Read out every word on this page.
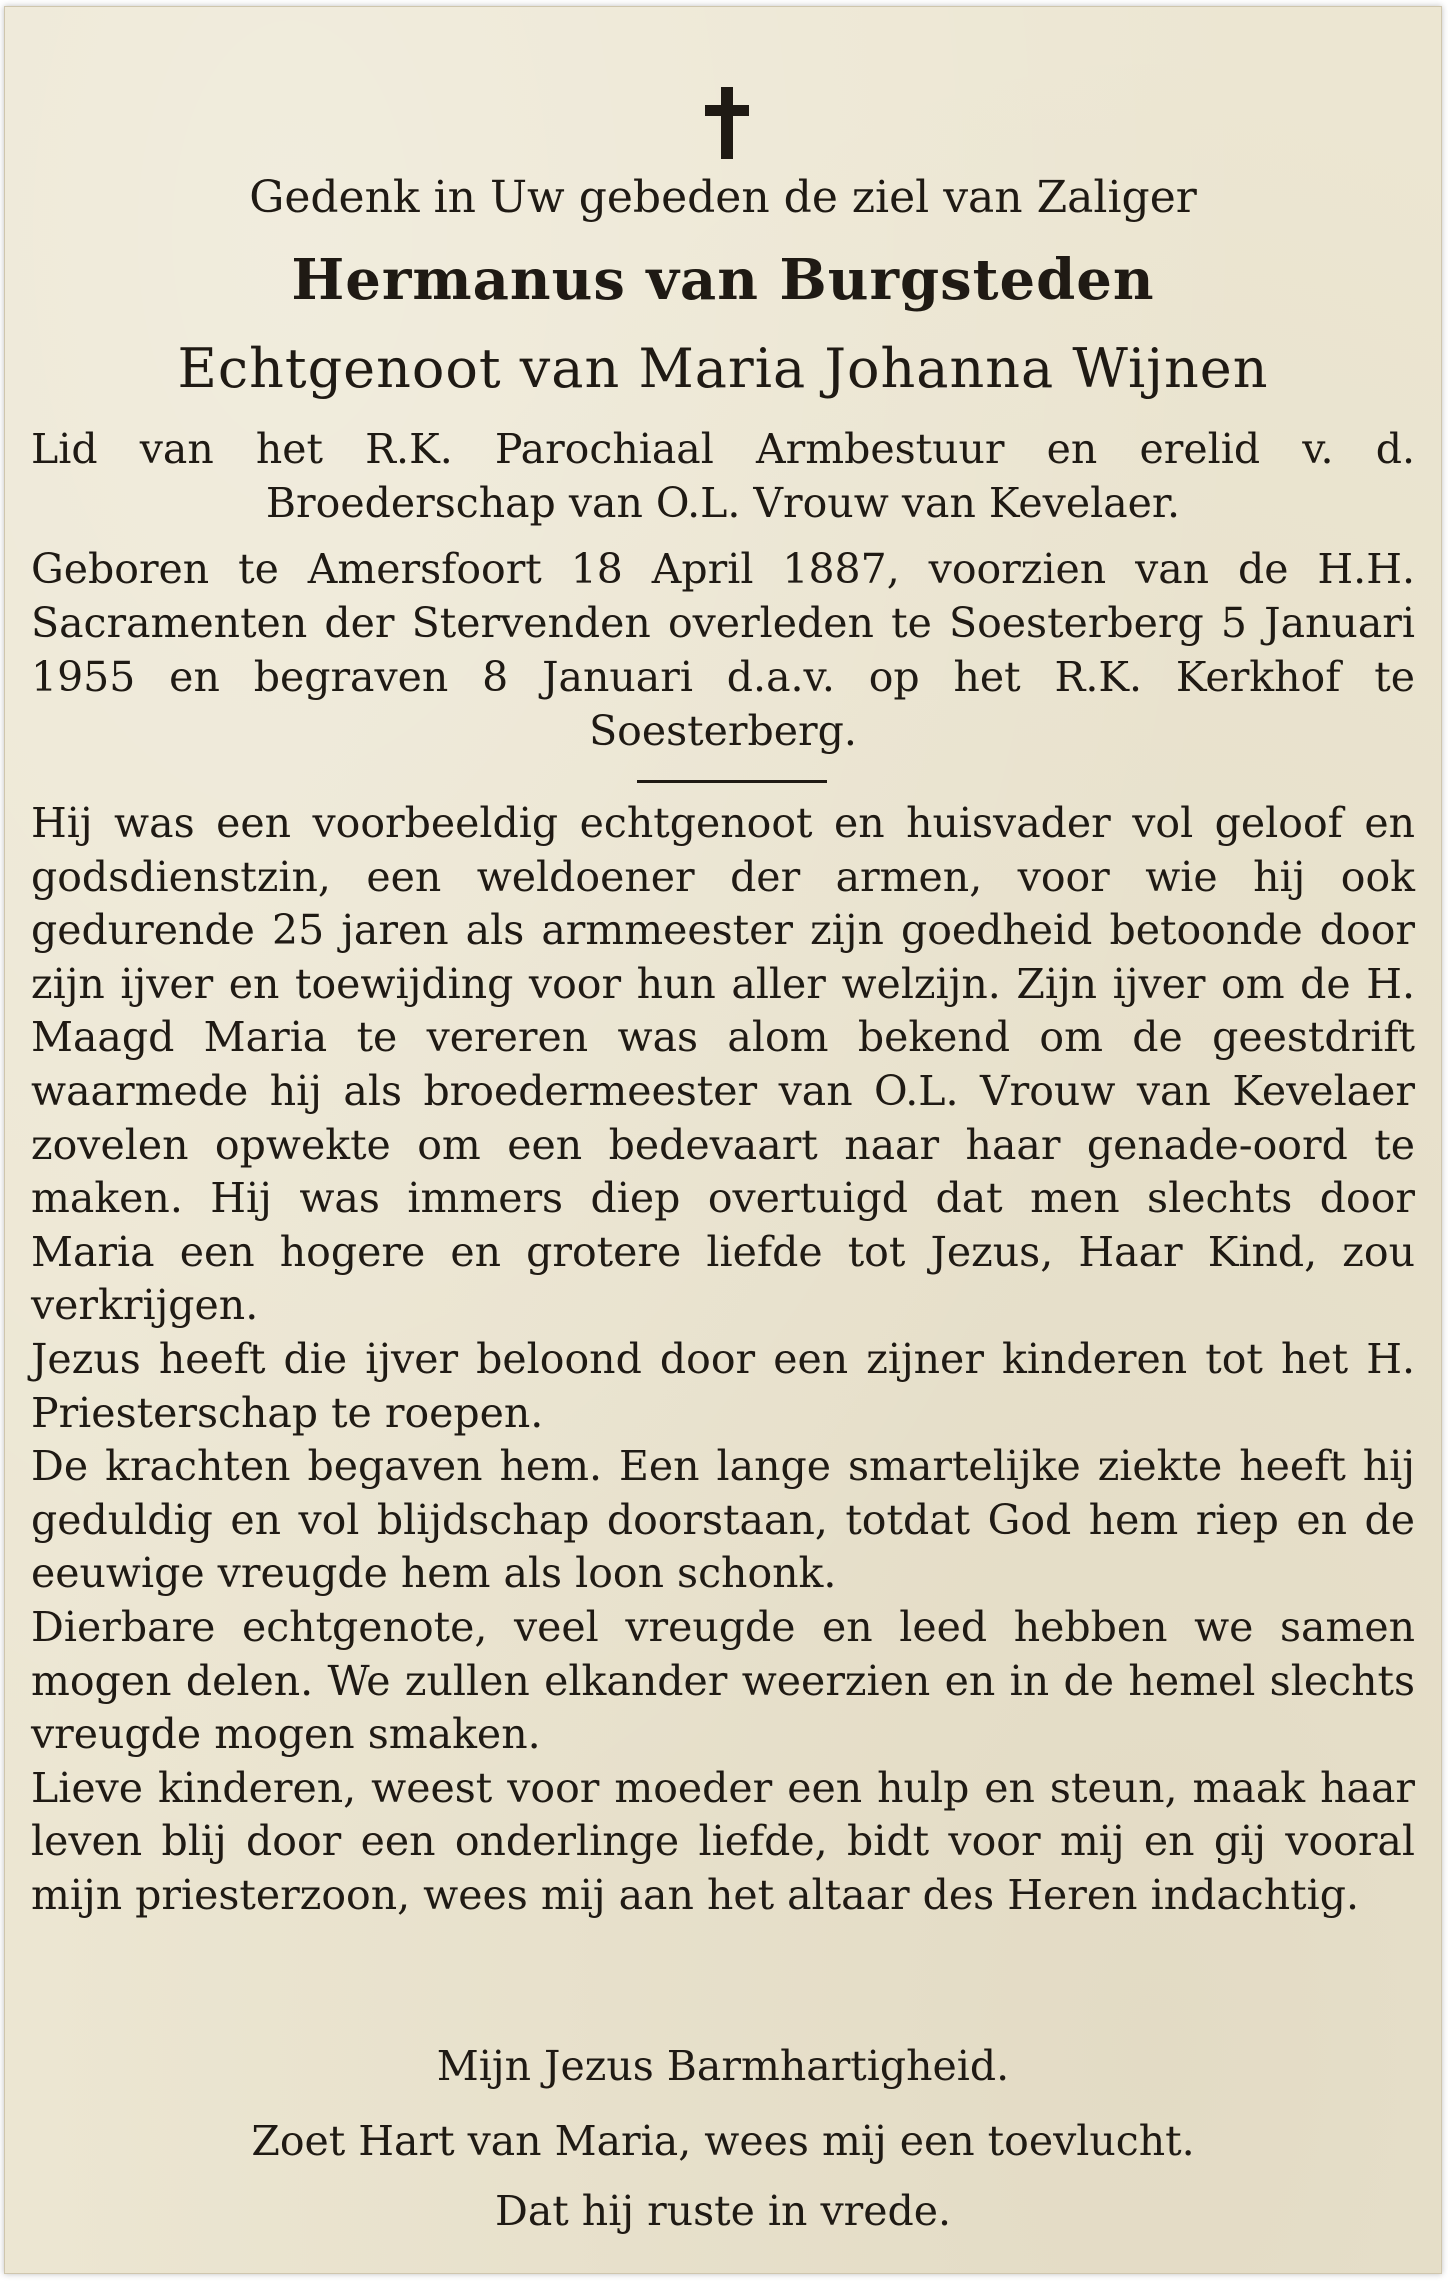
Gedenk in Uw gebeden de ziel van Zaliger
Hermanus van Burgsteden
Echtgenoot van Maria Johanna Wijnen

Lid van het R.K. Parochiaal Armbestuur en erelid v. d. Broederschap van O.L. Vrouw van Kevelaer.

Geboren te Amersfoort 18 April 1887, voorzien van de H.H. Sacramenten der Stervenden overleden te Soesterberg 5 Januari 1955 en begraven 8 Januari d.a.v. op het R.K. Kerkhof te Soesterberg.

Hij was een voorbeeldig echtgenoot en huisvader vol geloof en godsdienstzin, een weldoener der armen, voor wie hij ook gedurende 25 jaren als armmeester zijn goedheid betoonde door zijn ijver en toewijding voor hun aller welzijn. Zijn ijver om de H. Maagd Maria te vereren was alom bekend om de geestdrift waarmede hij als broedermeester van O.L. Vrouw van Kevelaer zovelen opwekte om een bedevaart naar haar genade-oord te maken. Hij was immers diep overtuigd dat men slechts door Maria een hogere en grotere liefde tot Jezus, Haar Kind, zou verkrijgen.

Jezus heeft die ijver beloond door een zijner kinderen tot het H. Priesterschap te roepen.

De krachten begaven hem. Een lange smartelijke ziekte heeft hij geduldig en vol blijdschap doorstaan, totdat God hem riep en de eeuwige vreugde hem als loon schonk.

Dierbare echtgenote, veel vreugde en leed hebben we samen mogen delen. We zullen elkander weerzien en in de hemel slechts vreugde mogen smaken.

Lieve kinderen, weest voor moeder een hulp en steun, maak haar leven blij door een onderlinge liefde, bidt voor mij en gij vooral mijn priesterzoon, wees mij aan het altaar des Heren indachtig.

Mijn Jezus Barmhartigheid.
Zoet Hart van Maria, wees mij een toevlucht.
Dat hij ruste in vrede.
